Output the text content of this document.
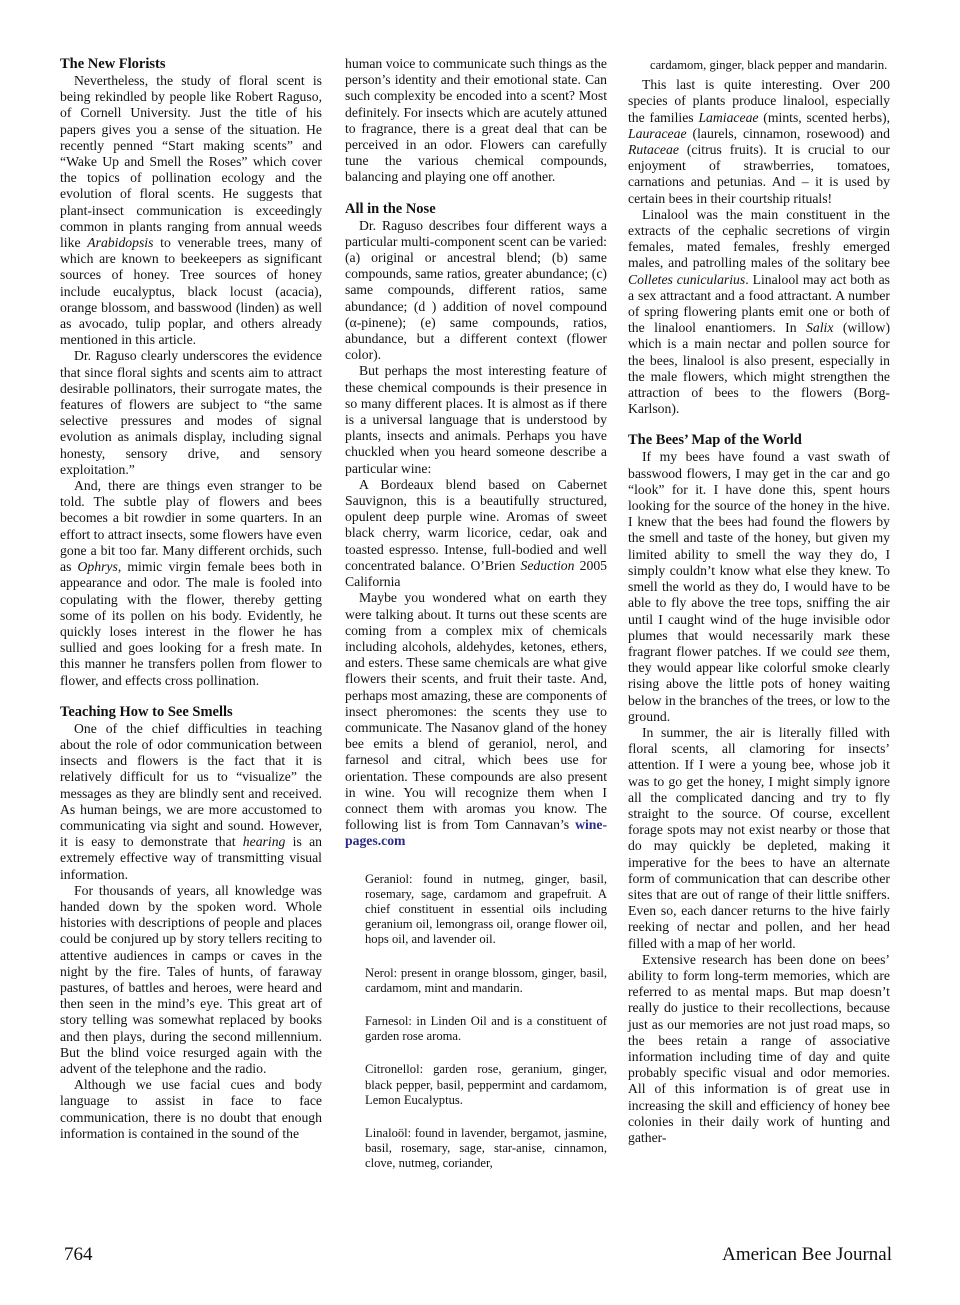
The New Florists

Nevertheless, the study of floral scent is being rekindled by people like Robert Raguso, of Cornell University. Just the title of his papers gives you a sense of the situation. He recently penned “Start making scents” and “Wake Up and Smell the Roses” which cover the topics of pollination ecology and the evolution of floral scents. He suggests that plant-insect communication is exceedingly common in plants ranging from annual weeds like Arabidopsis to venerable trees, many of which are known to beekeepers as significant sources of honey. Tree sources of honey include eucalyptus, black locust (acacia), orange blossom, and basswood (linden) as well as avocado, tulip poplar, and others already mentioned in this article.

Dr. Raguso clearly underscores the evidence that since floral sights and scents aim to attract desirable pollinators, their surrogate mates, the features of flowers are subject to “the same selective pressures and modes of signal evolution as animals display, including signal honesty, sensory drive, and sensory exploitation.”

And, there are things even stranger to be told. The subtle play of flowers and bees becomes a bit rowdier in some quarters. In an effort to attract insects, some flowers have even gone a bit too far. Many different orchids, such as Ophrys, mimic virgin female bees both in appearance and odor. The male is fooled into copulating with the flower, thereby getting some of its pollen on his body. Evidently, he quickly loses interest in the flower he has sullied and goes looking for a fresh mate. In this manner he transfers pollen from flower to flower, and effects cross pollination.

Teaching How to See Smells

One of the chief difficulties in teaching about the role of odor communication between insects and flowers is the fact that it is relatively difficult for us to “visualize” the messages as they are blindly sent and received. As human beings, we are more accustomed to communicating via sight and sound. However, it is easy to demonstrate that hearing is an extremely effective way of transmitting visual information.

For thousands of years, all knowledge was handed down by the spoken word. Whole histories with descriptions of people and places could be conjured up by story tellers reciting to attentive audiences in camps or caves in the night by the fire. Tales of hunts, of faraway pastures, of battles and heroes, were heard and then seen in the mind’s eye. This great art of story telling was somewhat replaced by books and then plays, during the second millennium. But the blind voice resurged again with the advent of the telephone and the radio.

Although we use facial cues and body language to assist in face to face communication, there is no doubt that enough information is contained in the sound of the

human voice to communicate such things as the person’s identity and their emotional state. Can such complexity be encoded into a scent? Most definitely. For insects which are acutely attuned to fragrance, there is a great deal that can be perceived in an odor. Flowers can carefully tune the various chemical compounds, balancing and playing one off another.

All in the Nose

Dr. Raguso describes four different ways a particular multi-component scent can be varied: (a) original or ancestral blend; (b) same compounds, same ratios, greater abundance; (c) same compounds, different ratios, same abundance; (d ) addition of novel compound (α-pinene); (e) same compounds, ratios, abundance, but a different context (flower color).

But perhaps the most interesting feature of these chemical compounds is their presence in so many different places. It is almost as if there is a universal language that is understood by plants, insects and animals. Perhaps you have chuckled when you heard someone describe a particular wine:

A Bordeaux blend based on Cabernet Sauvignon, this is a beautifully structured, opulent deep purple wine. Aromas of sweet black cherry, warm licorice, cedar, oak and toasted espresso. Intense, full-bodied and well concentrated balance. O’Brien Seduction 2005 California

Maybe you wondered what on earth they were talking about. It turns out these scents are coming from a complex mix of chemicals including alcohols, aldehydes, ketones, ethers, and esters. These same chemicals are what give flowers their scents, and fruit their taste. And, perhaps most amazing, these are components of insect pheromones: the scents they use to communicate. The Nasanov gland of the honey bee emits a blend of geraniol, nerol, and farnesol and citral, which bees use for orientation. These compounds are also present in wine. You will recognize them when I connect them with aromas you know. The following list is from Tom Cannavan’s wine-pages.com

Geraniol: found in nutmeg, ginger, basil, rosemary, sage, cardamom and grapefruit. A chief constituent in essential oils including geranium oil, lemongrass oil, orange flower oil, hops oil, and lavender oil.

Nerol: present in orange blossom, ginger, basil, cardamom, mint and mandarin.

Farnesol: in Linden Oil and is a constituent of garden rose aroma.

Citronellol: garden rose, geranium, ginger, black pepper, basil, peppermint and cardamom, Lemon Eucalyptus.

Linaloöl: found in lavender, bergamot, jasmine, basil, rosemary, sage, star-anise, cinnamon, clove, nutmeg, coriander,

cardamom, ginger, black pepper and mandarin.

This last is quite interesting. Over 200 species of plants produce linalool, especially the families Lamiaceae (mints, scented herbs), Lauraceae (laurels, cinnamon, rosewood) and Rutaceae (citrus fruits). It is crucial to our enjoyment of strawberries, tomatoes, carnations and petunias. And – it is used by certain bees in their courtship rituals!

Linalool was the main constituent in the extracts of the cephalic secretions of virgin females, mated females, freshly emerged males, and patrolling males of the solitary bee Colletes cunicularius. Linalool may act both as a sex attractant and a food attractant. A number of spring flowering plants emit one or both of the linalool enantiomers. In Salix (willow) which is a main nectar and pollen source for the bees, linalool is also present, especially in the male flowers, which might strengthen the attraction of bees to the flowers (Borg-Karlson).

The Bees’ Map of the World

If my bees have found a vast swath of basswood flowers, I may get in the car and go “look” for it. I have done this, spent hours looking for the source of the honey in the hive. I knew that the bees had found the flowers by the smell and taste of the honey, but given my limited ability to smell the way they do, I simply couldn’t know what else they knew. To smell the world as they do, I would have to be able to fly above the tree tops, sniffing the air until I caught wind of the huge invisible odor plumes that would necessarily mark these fragrant flower patches. If we could see them, they would appear like colorful smoke clearly rising above the little pots of honey waiting below in the branches of the trees, or low to the ground.

In summer, the air is literally filled with floral scents, all clamoring for insects’ attention. If I were a young bee, whose job it was to go get the honey, I might simply ignore all the complicated dancing and try to fly straight to the source. Of course, excellent forage spots may not exist nearby or those that do may quickly be depleted, making it imperative for the bees to have an alternate form of communication that can describe other sites that are out of range of their little sniffers. Even so, each dancer returns to the hive fairly reeking of nectar and pollen, and her head filled with a map of her world.

Extensive research has been done on bees’ ability to form long-term memories, which are referred to as mental maps. But map doesn’t really do justice to their recollections, because just as our memories are not just road maps, so the bees retain a range of associative information including time of day and quite probably specific visual and odor memories. All of this information is of great use in increasing the skill and efficiency of honey bee colonies in their daily work of hunting and gather-

764	American Bee Journal
